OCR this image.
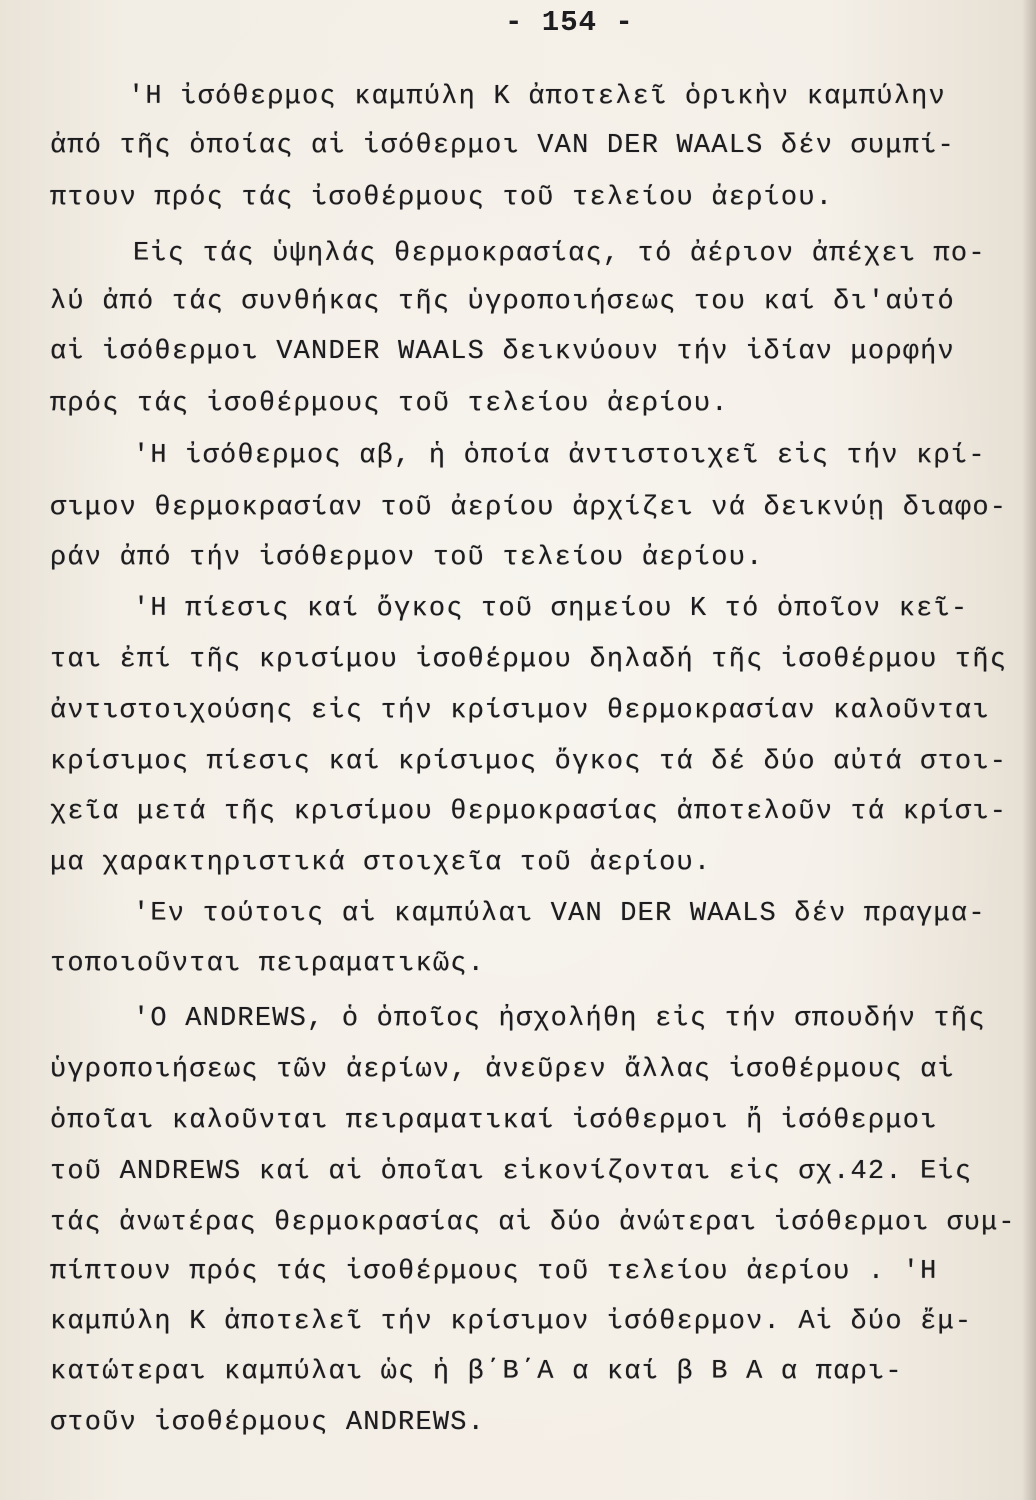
- 154 -
'Η ἰσόθερμος καμπύλη K ἀποτελεῖ ὁρικὴν καμπύλην
ἀπό τῆς ὁποίας αἱ ἰσόθερμοι VAN DER WAALS δέν συμπί-
πτουν πρός τάς ἰσοθέρμους τοῦ τελείου ἀερίου.
Εἰς τάς ὑψηλάς θερμοκρασίας, τό ἀέριον ἀπέχει πο-
λύ ἀπό τάς συνθήκας τῆς ὑγροποιήσεως του καί δι'αὐτό
αἱ ἰσόθερμοι VANDER WAALS δεικνύουν τήν ἰδίαν μορφήν
πρός τάς ἰσοθέρμους τοῦ τελείου ἀερίου.
'Η ἰσόθερμος αβ, ἡ ὁποία ἀντιστοιχεῖ εἰς τήν κρί-
σιμον θερμοκρασίαν τοῦ ἀερίου ἀρχίζει νά δεικνύῃ διαφο-
ράν ἀπό τήν ἰσόθερμον τοῦ τελείου ἀερίου.
'Η πίεσις καί ὄγκος τοῦ σημείου K τό ὁποῖον κεῖ-
ται ἐπί τῆς κρισίμου ἰσοθέρμου δηλαδή τῆς ἰσοθέρμου τῆς
ἀντιστοιχούσης εἰς τήν κρίσιμον θερμοκρασίαν καλοῦνται
κρίσιμος πίεσις καί κρίσιμος ὄγκος τά δέ δύο αὐτά στοι-
χεῖα μετά τῆς κρισίμου θερμοκρασίας ἀποτελοῦν τά κρίσι-
μα χαρακτηριστικά στοιχεῖα τοῦ ἀερίου.
'Εν τούτοις αἱ καμπύλαι VAN DER WAALS δέν πραγμα-
τοποιοῦνται πειραματικῶς.
'Ο ANDREWS, ὁ ὁποῖος ἠσχολήθη εἰς τήν σπουδήν τῆς
ὑγροποιήσεως τῶν ἀερίων, ἀνεῦρεν ἄλλας ἰσοθέρμους αἱ
ὁποῖαι καλοῦνται πειραματικαί ἰσόθερμοι ἤ ἰσόθερμοι
τοῦ ANDREWS καί αἱ ὁποῖαι εἰκονίζονται εἰς σχ.42. Εἰς
τάς ἀνωτέρας θερμοκρασίας αἱ δύο ἀνώτεραι ἰσόθερμοι συμ-
πίπτουν πρός τάς ἰσοθέρμους τοῦ τελείου ἀερίου . 'Η
καμπύλη K ἀποτελεῖ τήν κρίσιμον ἰσόθερμον. Αἱ δύο ἔμ-
κατώτεραι καμπύλαι ὡς ἡ β΄Β΄Α α καί β Β Α α παρι-
στοῦν ἰσοθέρμους ANDREWS.
